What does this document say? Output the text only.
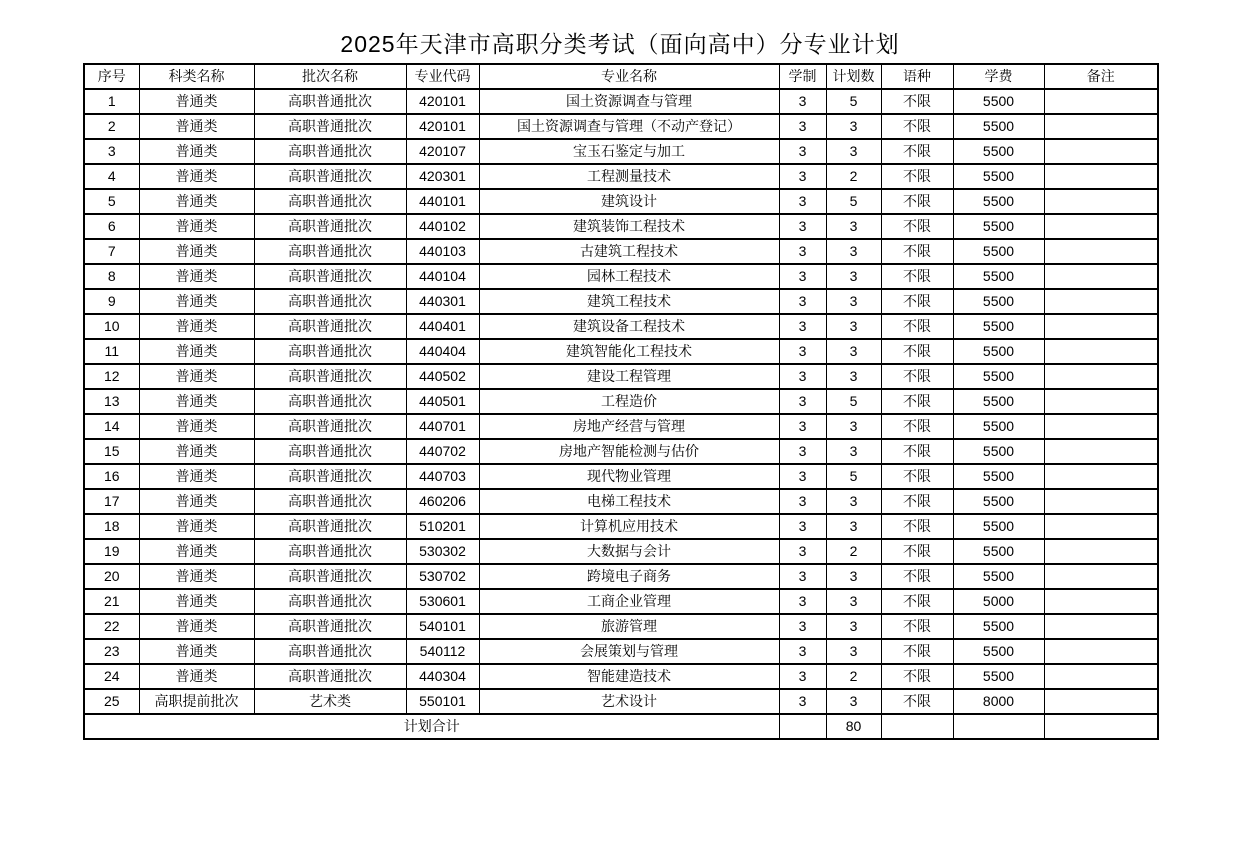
2025年天津市高职分类考试（面向高中）分专业计划
序号	科类名称	批次名称	专业代码	专业名称	学制	计划数	语种	学费	备注
1	普通类	高职普通批次	420101	国土资源调查与管理	3	5	不限	5500	
2	普通类	高职普通批次	420101	国土资源调查与管理（不动产登记）	3	3	不限	5500	
3	普通类	高职普通批次	420107	宝玉石鉴定与加工	3	3	不限	5500	
4	普通类	高职普通批次	420301	工程测量技术	3	2	不限	5500	
5	普通类	高职普通批次	440101	建筑设计	3	5	不限	5500	
6	普通类	高职普通批次	440102	建筑装饰工程技术	3	3	不限	5500	
7	普通类	高职普通批次	440103	古建筑工程技术	3	3	不限	5500	
8	普通类	高职普通批次	440104	园林工程技术	3	3	不限	5500	
9	普通类	高职普通批次	440301	建筑工程技术	3	3	不限	5500	
10	普通类	高职普通批次	440401	建筑设备工程技术	3	3	不限	5500	
11	普通类	高职普通批次	440404	建筑智能化工程技术	3	3	不限	5500	
12	普通类	高职普通批次	440502	建设工程管理	3	3	不限	5500	
13	普通类	高职普通批次	440501	工程造价	3	5	不限	5500	
14	普通类	高职普通批次	440701	房地产经营与管理	3	3	不限	5500	
15	普通类	高职普通批次	440702	房地产智能检测与估价	3	3	不限	5500	
16	普通类	高职普通批次	440703	现代物业管理	3	5	不限	5500	
17	普通类	高职普通批次	460206	电梯工程技术	3	3	不限	5500	
18	普通类	高职普通批次	510201	计算机应用技术	3	3	不限	5500	
19	普通类	高职普通批次	530302	大数据与会计	3	2	不限	5500	
20	普通类	高职普通批次	530702	跨境电子商务	3	3	不限	5500	
21	普通类	高职普通批次	530601	工商企业管理	3	3	不限	5000	
22	普通类	高职普通批次	540101	旅游管理	3	3	不限	5500	
23	普通类	高职普通批次	540112	会展策划与管理	3	3	不限	5500	
24	普通类	高职普通批次	440304	智能建造技术	3	2	不限	5500	
25	高职提前批次	艺术类	550101	艺术设计	3	3	不限	8000	
计划合计						80			
